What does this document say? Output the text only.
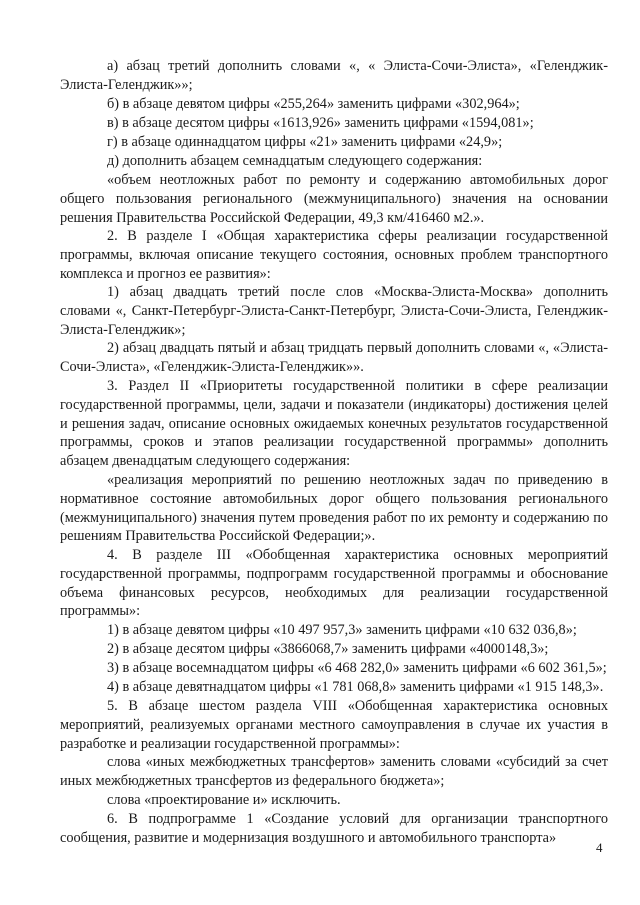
а) абзац третий дополнить словами «, « Элиста-Сочи-Элиста», «Геленджик-Элиста-Геленджик»»;

б) в абзаце девятом цифры «255,264» заменить цифрами «302,964»;

в) в абзаце десятом цифры «1613,926» заменить цифрами «1594,081»;

г) в абзаце одиннадцатом цифры «21» заменить цифрами «24,9»;

д) дополнить абзацем семнадцатым следующего содержания:

«объем неотложных работ по ремонту и содержанию автомобильных дорог общего пользования регионального (межмуниципального) значения на основании решения Правительства Российской Федерации, 49,3 км/416460 м2.».

2. В разделе I «Общая характеристика сферы реализации государственной программы, включая описание текущего состояния, основных проблем транспортного комплекса и прогноз ее развития»:

1) абзац двадцать третий после слов «Москва-Элиста-Москва» дополнить словами «, Санкт-Петербург-Элиста-Санкт-Петербург, Элиста-Сочи-Элиста, Геленджик-Элиста-Геленджик»;

2) абзац двадцать пятый и абзац тридцать первый дополнить словами «, «Элиста-Сочи-Элиста», «Геленджик-Элиста-Геленджик»».

3. Раздел II «Приоритеты государственной политики в сфере реализации государственной программы, цели, задачи и показатели (индикаторы) достижения целей и решения задач, описание основных ожидаемых конечных результатов государственной программы, сроков и этапов реализации государственной программы» дополнить абзацем двенадцатым следующего содержания:

«реализация мероприятий по решению неотложных задач по приведению в нормативное состояние автомобильных дорог общего пользования регионального (межмуниципального) значения путем проведения работ по их ремонту и содержанию по решениям Правительства Российской Федерации;».

4. В разделе III «Обобщенная характеристика основных мероприятий государственной программы, подпрограмм государственной программы и обоснование объема финансовых ресурсов, необходимых для реализации государственной программы»:

1) в абзаце девятом цифры «10 497 957,3» заменить цифрами «10 632 036,8»;

2) в абзаце десятом цифры «3866068,7» заменить цифрами «4000148,3»;

3) в абзаце восемнадцатом цифры «6 468 282,0» заменить цифрами «6 602 361,5»;

4) в абзаце девятнадцатом цифры «1 781 068,8» заменить цифрами «1 915 148,3».

5. В абзаце шестом раздела VIII «Обобщенная характеристика основных мероприятий, реализуемых органами местного самоуправления в случае их участия в разработке и реализации государственной программы»:

слова «иных межбюджетных трансфертов» заменить словами «субсидий за счет иных межбюджетных трансфертов из федерального бюджета»;

слова «проектирование и» исключить.

6. В подпрограмме 1 «Создание условий для организации транспортного сообщения, развитие и модернизация воздушного и автомобильного транспорта»

4
